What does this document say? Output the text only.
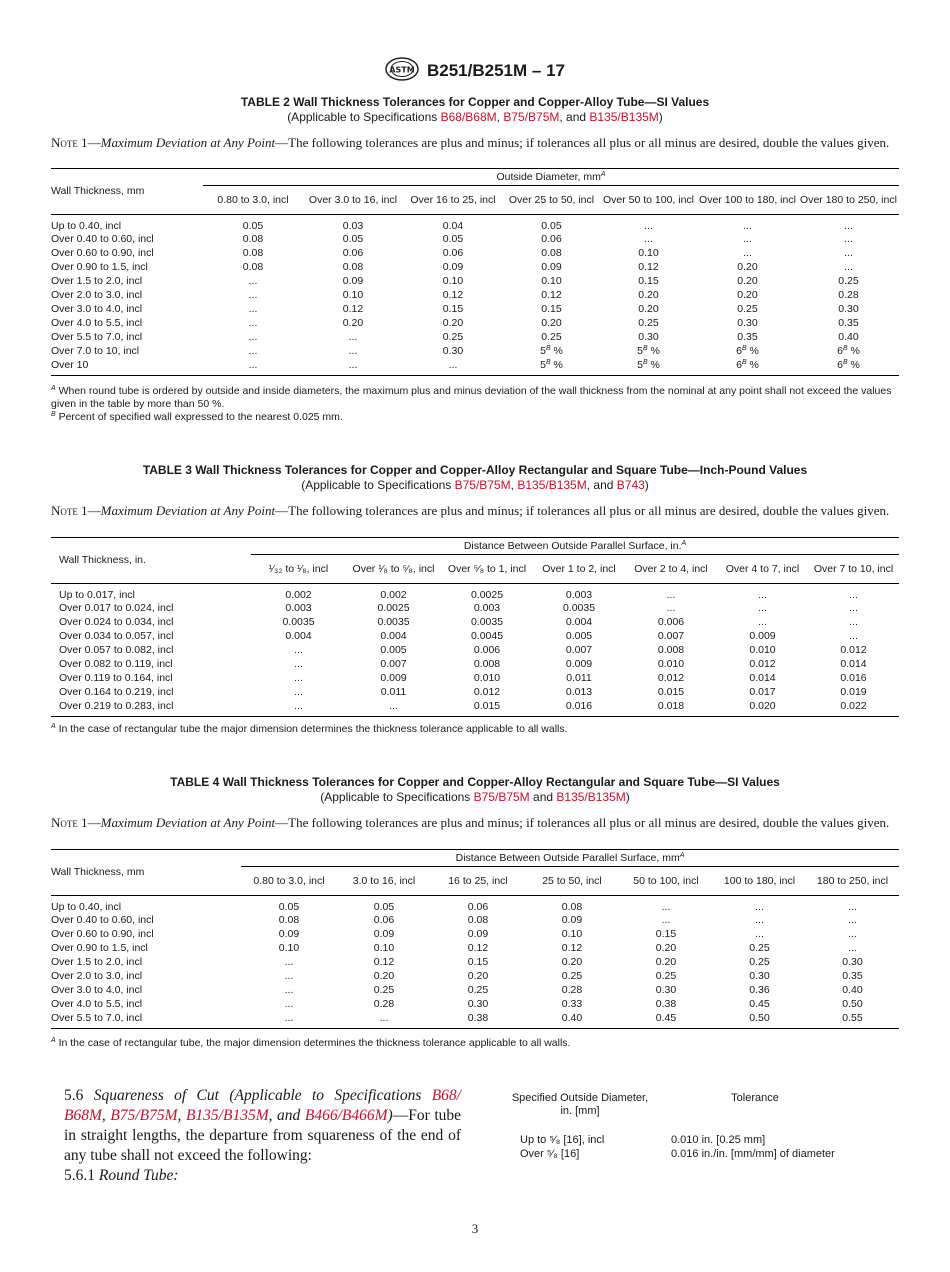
ASTM B251/B251M – 17
TABLE 2 Wall Thickness Tolerances for Copper and Copper-Alloy Tube—SI Values
(Applicable to Specifications B68/B68M, B75/B75M, and B135/B135M)
Note 1—Maximum Deviation at Any Point—The following tolerances are plus and minus; if tolerances all plus or all minus are desired, double the values given.
Wall Thickness, mm	Outside Diameter, $mm^A$
	0.80 to 3.0, incl	Over 3.0 to 16, incl	Over 16 to 25, incl	Over 25 to 50, incl	Over 50 to 100, incl	Over 100 to 180, incl	Over 180 to 250, incl
Up to 0.40, incl	0.05	0.03	0.04	0.05	...	...	...
Over 0.40 to 0.60, incl	0.08	0.05	0.05	0.06	...	...	...
Over 0.60 to 0.90, incl	0.08	0.06	0.06	0.08	0.10	...	...
Over 0.90 to 1.5, incl	0.08	0.08	0.09	0.09	0.12	0.20	...
Over 1.5 to 2.0, incl	...	0.09	0.10	0.10	0.15	0.20	0.25
Over 2.0 to 3.0, incl	...	0.10	0.12	0.12	0.20	0.20	0.28
Over 3.0 to 4.0, incl	...	0.12	0.15	0.15	0.20	0.25	0.30
Over 4.0 to 5.5, incl	...	0.20	0.20	0.20	0.25	0.30	0.35
Over 5.5 to 7.0, incl	...	...	0.25	0.25	0.30	0.35	0.40
Over 7.0 to 10, incl	...	...	0.30	$5^B$ %	$5^B$ %	$6^B$ %	$6^B$ %
Over 10	...	...	...	$5^B$ %	$5^B$ %	$6^B$ %	$6^B$ %
$^A$ When round tube is ordered by outside and inside diameters, the maximum plus and minus deviation of the wall thickness from the nominal at any point shall not exceed the values given in the table by more than 50 %.
$^B$ Percent of specified wall expressed to the nearest 0.025 mm.
TABLE 3 Wall Thickness Tolerances for Copper and Copper-Alloy Rectangular and Square Tube—Inch-Pound Values
(Applicable to Specifications B75/B75M, B135/B135M, and B743)
Note 1—Maximum Deviation at Any Point—The following tolerances are plus and minus; if tolerances all plus or all minus are desired, double the values given.
Wall Thickness, in.	Distance Between Outside Parallel Surface, in.$^A$
	¹⁄₃₂ to ¹⁄₈, incl	Over ¹⁄₈ to ⁵⁄₈, incl	Over ⁵⁄₈ to 1, incl	Over 1 to 2, incl	Over 2 to 4, incl	Over 4 to 7, incl	Over 7 to 10, incl
Up to 0.017, incl	0.002	0.002	0.0025	0.003	...	...	...
Over 0.017 to 0.024, incl	0.003	0.0025	0.003	0.0035	...	...	...
Over 0.024 to 0.034, incl	0.0035	0.0035	0.0035	0.004	0.006	...	...
Over 0.034 to 0.057, incl	0.004	0.004	0.0045	0.005	0.007	0.009	...
Over 0.057 to 0.082, incl	...	0.005	0.006	0.007	0.008	0.010	0.012
Over 0.082 to 0.119, incl	...	0.007	0.008	0.009	0.010	0.012	0.014
Over 0.119 to 0.164, incl	...	0.009	0.010	0.011	0.012	0.014	0.016
Over 0.164 to 0.219, incl	...	0.011	0.012	0.013	0.015	0.017	0.019
Over 0.219 to 0.283, incl	...	...	0.015	0.016	0.018	0.020	0.022
$^A$ In the case of rectangular tube the major dimension determines the thickness tolerance applicable to all walls.
TABLE 4 Wall Thickness Tolerances for Copper and Copper-Alloy Rectangular and Square Tube—SI Values
(Applicable to Specifications B75/B75M and B135/B135M)
Note 1—Maximum Deviation at Any Point—The following tolerances are plus and minus; if tolerances all plus or all minus are desired, double the values given.
Wall Thickness, mm	Distance Between Outside Parallel Surface, $mm^A$
	0.80 to 3.0, incl	3.0 to 16, incl	16 to 25, incl	25 to 50, incl	50 to 100, incl	100 to 180, incl	180 to 250, incl
Up to 0.40, incl	0.05	0.05	0.06	0.08	...	...	...
Over 0.40 to 0.60, incl	0.08	0.06	0.08	0.09	...	...	...
Over 0.60 to 0.90, incl	0.09	0.09	0.09	0.10	0.15	...	...
Over 0.90 to 1.5, incl	0.10	0.10	0.12	0.12	0.20	0.25	...
Over 1.5 to 2.0, incl	...	0.12	0.15	0.20	0.20	0.25	0.30
Over 2.0 to 3.0, incl	...	0.20	0.20	0.25	0.25	0.30	0.35
Over 3.0 to 4.0, incl	...	0.25	0.25	0.28	0.30	0.36	0.40
Over 4.0 to 5.5, incl	...	0.28	0.30	0.33	0.38	0.45	0.50
Over 5.5 to 7.0, incl	...	...	0.38	0.40	0.45	0.50	0.55
$^A$ In the case of rectangular tube, the major dimension determines the thickness tolerance applicable to all walls.
5.6 Squareness of Cut (Applicable to Specifications B68/ B68M, B75/B75M, B135/B135M, and B466/B466M)—For tube in straight lengths, the departure from squareness of the end of any tube shall not exceed the following:
5.6.1 Round Tube:
Specified Outside Diameter, in. [mm]
Tolerance
Up to ⁵⁄₈ [16], incl	0.010 in. [0.25 mm]
Over ⁵⁄₈ [16]	0.016 in./in. [mm/mm] of diameter
3
